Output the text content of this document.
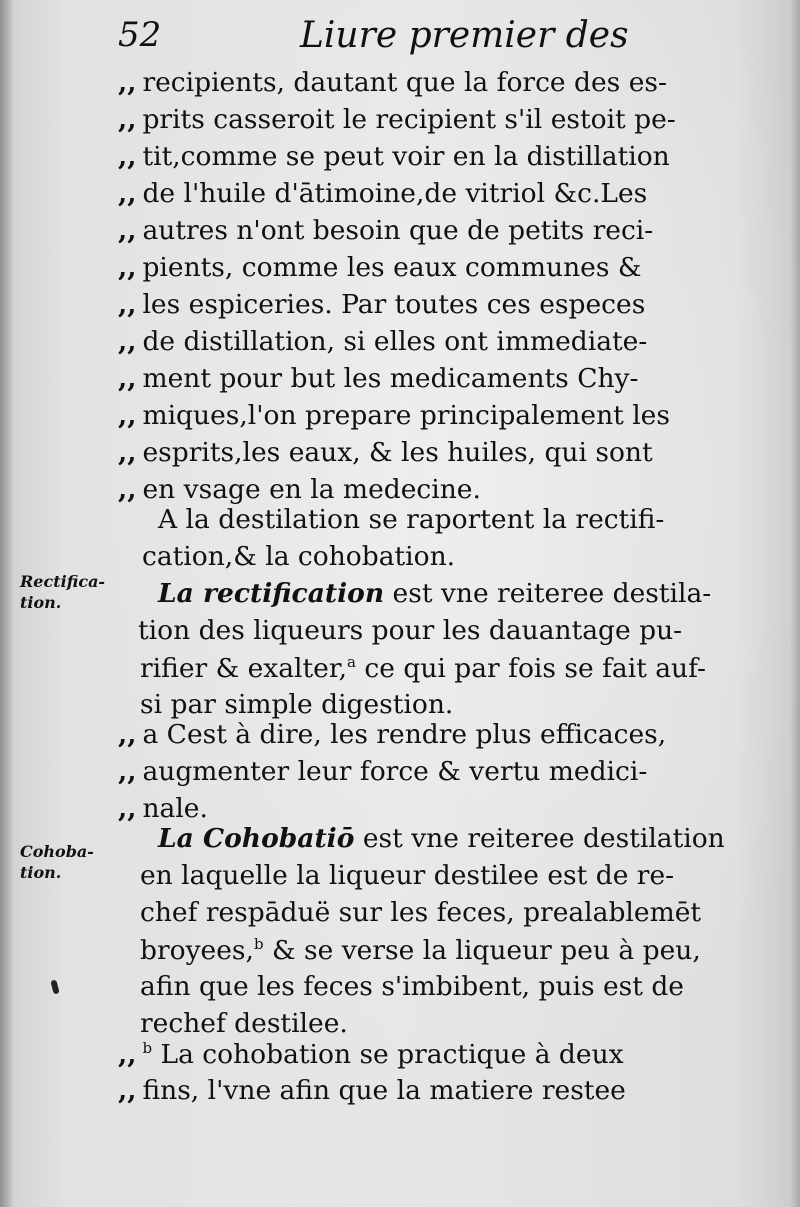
52	Liure premier des
,, recipients, dautant que la force des es-
,, prits casseroit le recipient s'il estoit pe-
,, tit,comme se peut voir en la distillation
,, de l'huile d'ātimoine,de vitriol &c.Les
,, autres n'ont besoin que de petits reci-
,, pients, comme les eaux communes &
,, les espiceries. Par toutes ces especes
,, de distillation, si elles ont immediate-
,, ment pour but les medicaments Chy-
,, miques,l'on prepare principalement les
,, esprits,les eaux, & les huiles, qui sont
,, en vsage en la medecine.
A la destilation se raportent la rectifi-
cation,& la cohobation.
La rectification est vne reiteree destila-
tion des liqueurs pour les dauantage pu-
rifier & exalter,$^a$ ce qui par fois se fait auf-
si par simple digestion.
,, a Cest à dire, les rendre plus efficaces,
,, augmenter leur force & vertu medici-
,, nale.
La Cohobatiō est vne reiteree destilation
en laquelle la liqueur destilee est de re-
chef respāduë sur les feces, prealablemēt
broyees,$^b$ & se verse la liqueur peu à peu,
afin que les feces s'imbibent, puis est de
rechef destilee.
,, $^b$ La cohobation se practique à deux
,, fins, l'vne afin que la matiere restee
Rectifica-
tion.
Cohoba-
tion.
